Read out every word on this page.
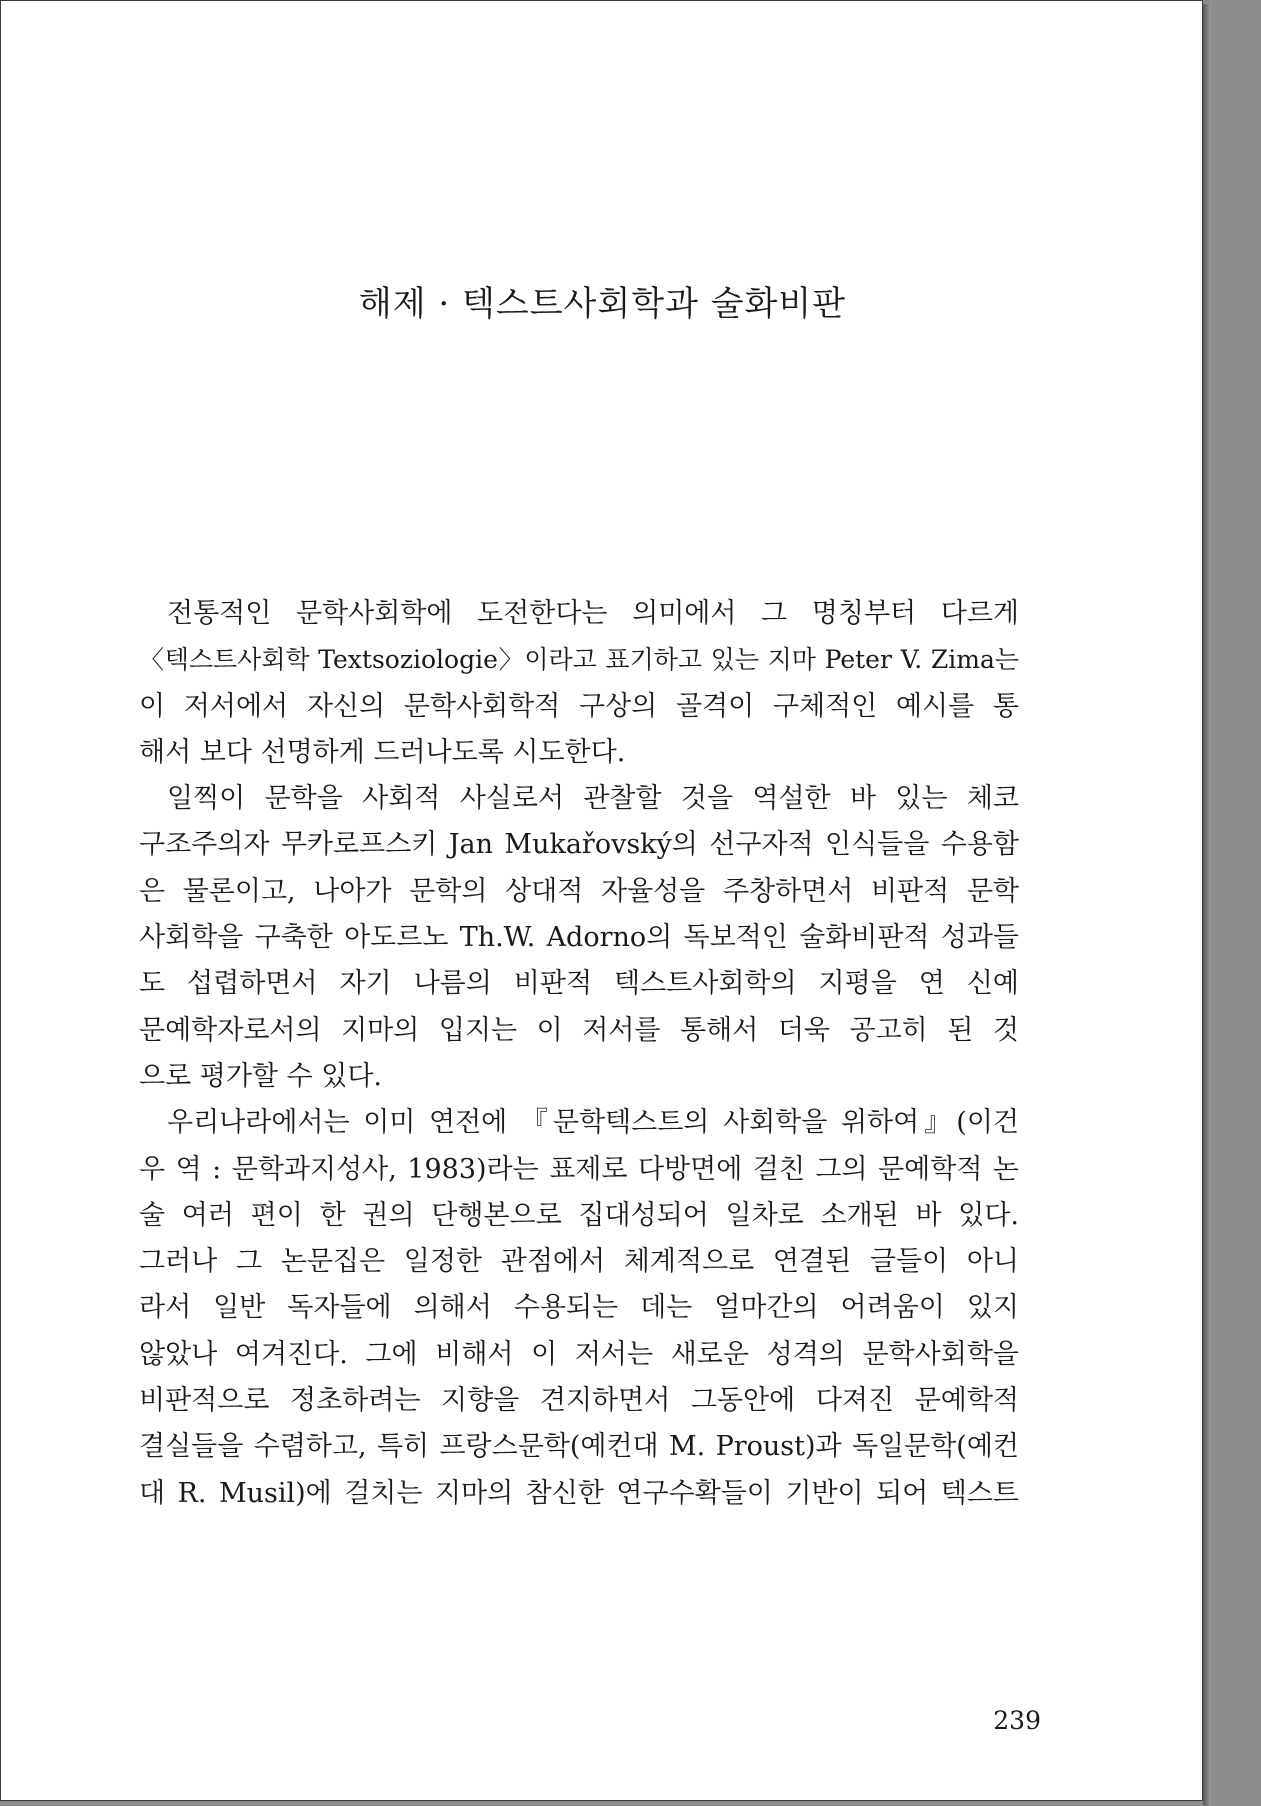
해제 · 텍스트사회학과 술화비판
전통적인 문학사회학에 도전한다는 의미에서 그 명칭부터 다르게
〈텍스트사회학 Textsoziologie〉이라고 표기하고 있는 지마 Peter V. Zima는
이 저서에서 자신의 문학사회학적 구상의 골격이 구체적인 예시를 통
해서 보다 선명하게 드러나도록 시도한다.
일찍이 문학을 사회적 사실로서 관찰할 것을 역설한 바 있는 체코
구조주의자 무카로프스키 Jan Mukařovský의 선구자적 인식들을 수용함
은 물론이고, 나아가 문학의 상대적 자율성을 주창하면서 비판적 문학
사회학을 구축한 아도르노 Th.W. Adorno의 독보적인 술화비판적 성과들
도 섭렵하면서 자기 나름의 비판적 텍스트사회학의 지평을 연 신예
문예학자로서의 지마의 입지는 이 저서를 통해서 더욱 공고히 된 것
으로 평가할 수 있다.
우리나라에서는 이미 연전에 『문학텍스트의 사회학을 위하여』(이건
우 역 : 문학과지성사, 1983)라는 표제로 다방면에 걸친 그의 문예학적 논
술 여러 편이 한 권의 단행본으로 집대성되어 일차로 소개된 바 있다.
그러나 그 논문집은 일정한 관점에서 체계적으로 연결된 글들이 아니
라서 일반 독자들에 의해서 수용되는 데는 얼마간의 어려움이 있지
않았나 여겨진다. 그에 비해서 이 저서는 새로운 성격의 문학사회학을
비판적으로 정초하려는 지향을 견지하면서 그동안에 다져진 문예학적
결실들을 수렴하고, 특히 프랑스문학(예컨대 M. Proust)과 독일문학(예컨
대 R. Musil)에 걸치는 지마의 참신한 연구수확들이 기반이 되어 텍스트
239
